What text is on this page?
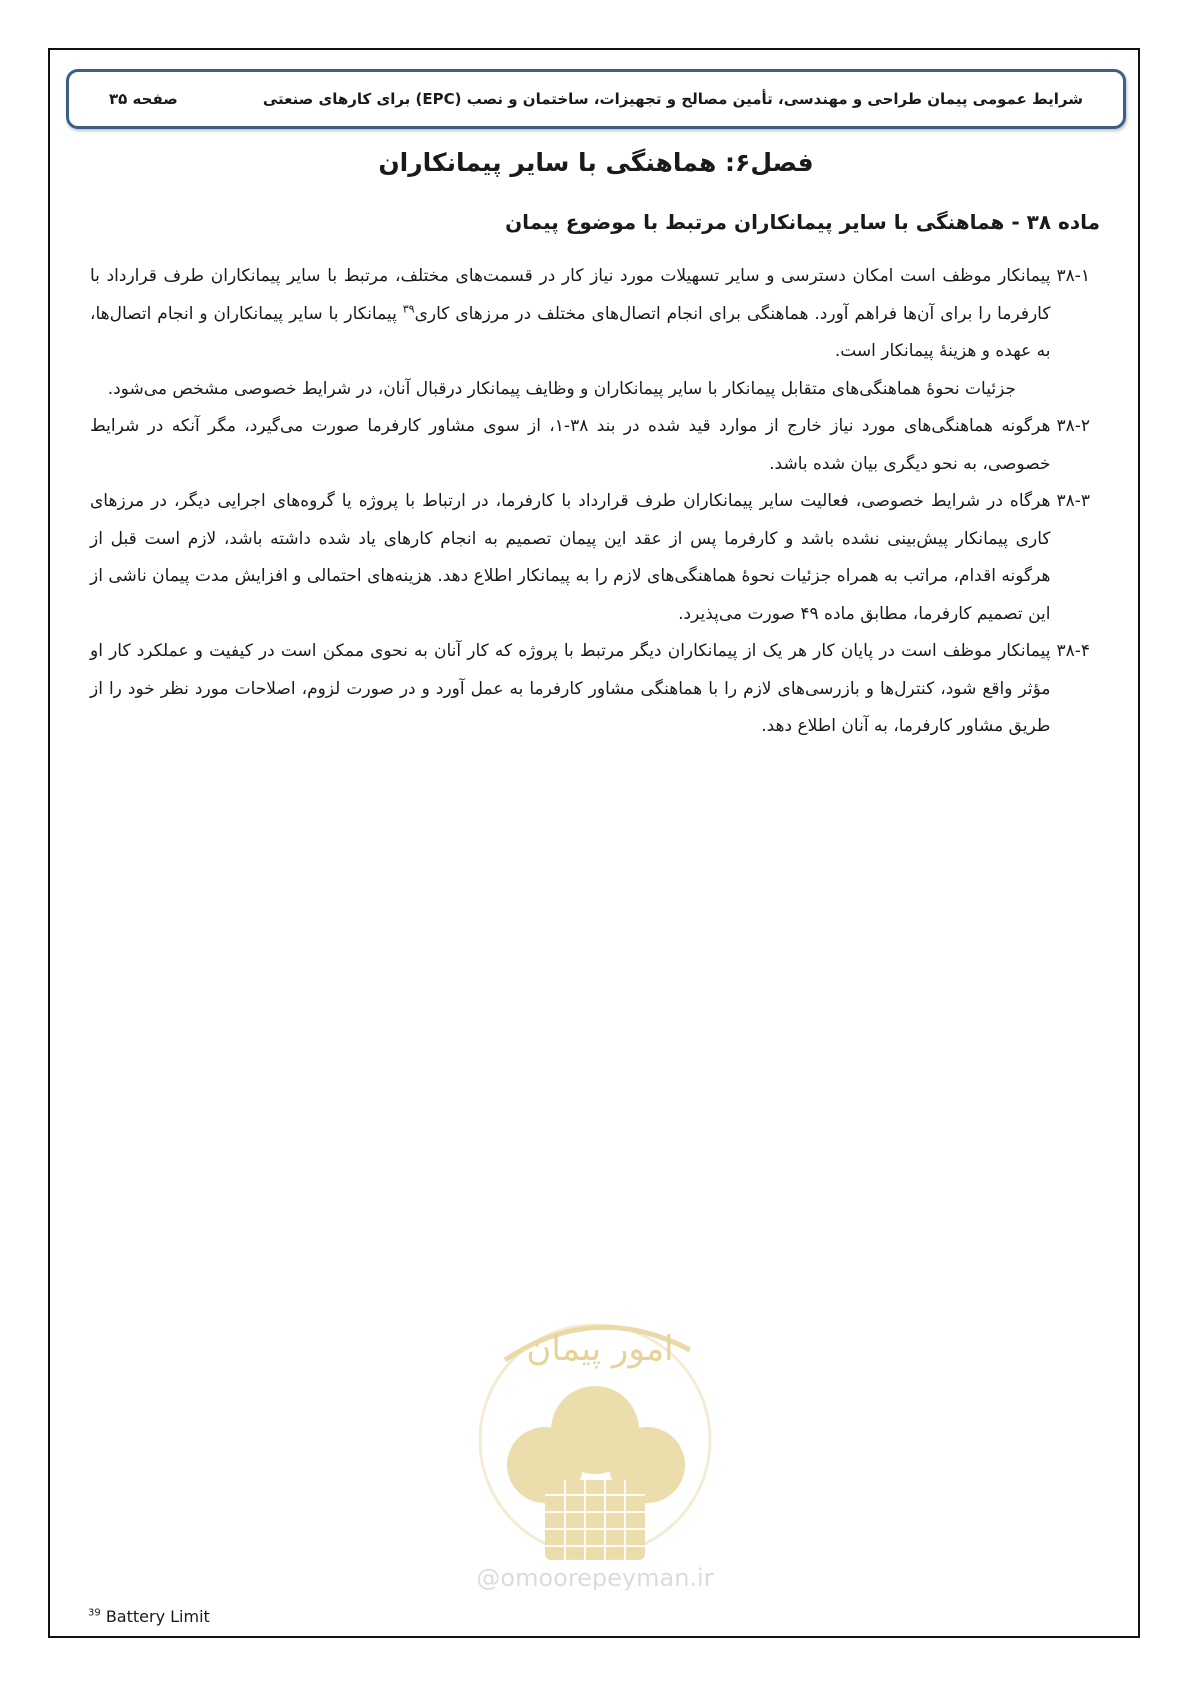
صفحه ۳۵	شرایط عمومی پیمان طراحی و مهندسی، تأمین مصالح و تجهیزات، ساختمان و نصب (EPC) برای کارهای صنعتی
فصل۶: هماهنگی با سایر پیمانکاران
ماده ۳۸ - هماهنگی با سایر پیمانکاران مرتبط با موضوع پیمان
۳۸-۱
پیمانکار موظف است امکان دسترسی و سایر تسهیلات مورد نیاز کار در قسمت‌های مختلف، مرتبط با سایر پیمانکاران طرف قرارداد با کارفرما را برای آن‌ها فراهم آورد. هماهنگی برای انجام اتصال‌های مختلف در مرزهای کاری$^{۳۹}$ پیمانکار با سایر پیمانکاران و انجام اتصال‌ها، به عهده و هزینهٔ پیمانکار است.
جزئیات نحوهٔ هماهنگی‌های متقابل پیمانکار با سایر پیمانکاران و وظایف پیمانکار درقبال آنان، در شرایط خصوصی مشخص می‌شود.
۳۸-۲
هرگونه هماهنگی‌های مورد نیاز خارج از موارد قید شده در بند ۳۸-۱، از سوی مشاور کارفرما صورت می‌گیرد، مگر آنکه در شرایط خصوصی، به نحو دیگری بیان شده باشد.
۳۸-۳
هرگاه در شرایط خصوصی، فعالیت سایر پیمانکاران طرف قرارداد با کارفرما، در ارتباط با پروژه یا گروه‌های اجرایی دیگر، در مرزهای کاری پیمانکار پیش‌بینی نشده باشد و کارفرما پس از عقد این پیمان تصمیم به انجام کارهای یاد شده داشته باشد، لازم است قبل از هرگونه اقدام، مراتب به همراه جزئیات نحوهٔ هماهنگی‌های لازم را به پیمانکار اطلاع دهد. هزینه‌های احتمالی و افزایش مدت پیمان ناشی از این تصمیم کارفرما، مطابق ماده ۴۹ صورت می‌پذیرد.
۳۸-۴
پیمانکار موظف است در پایان کار هر یک از پیمانکاران دیگر مرتبط با پروژه که کار آنان به نحوی ممکن است در کیفیت و عملکرد کار او مؤثر واقع شود، کنترل‌ها و بازرسی‌های لازم را با هماهنگی مشاور کارفرما به عمل آورد و در صورت لزوم، اصلاحات مورد نظر خود را از طریق مشاور کارفرما، به آنان اطلاع دهد.
امور پیمان
@omoorepeyman.ir
$^{39}$ Battery Limit
